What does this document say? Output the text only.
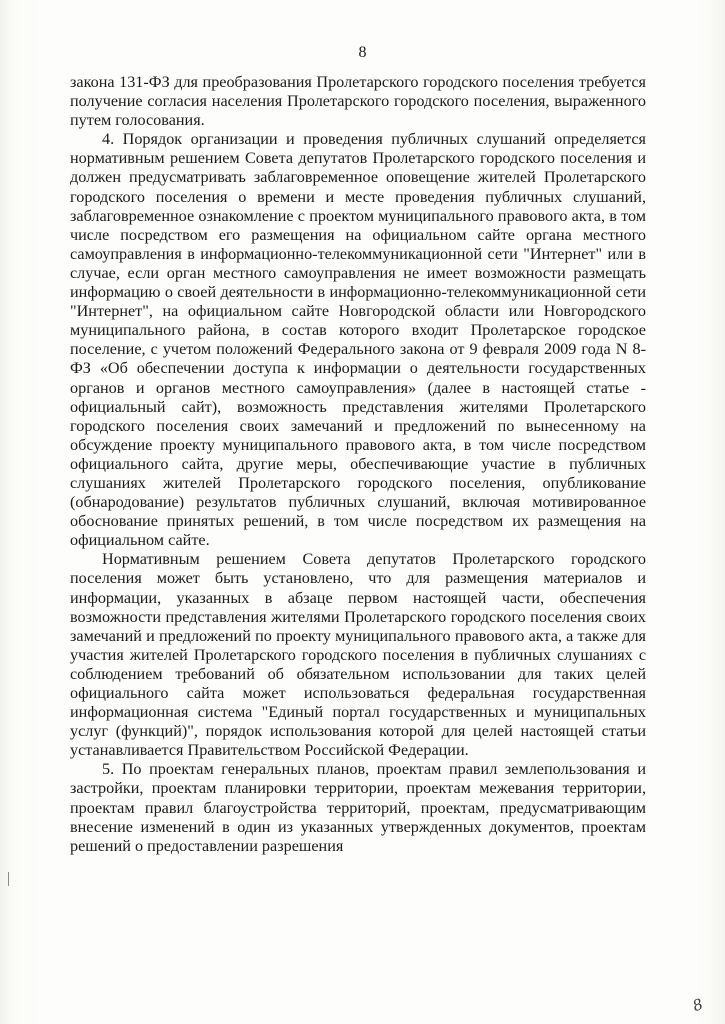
8

закона 131-ФЗ для преобразования Пролетарского городского поселения требуется получение согласия населения Пролетарского городского поселения, выраженного путем голосования.

4. Порядок организации и проведения публичных слушаний определяется нормативным решением Совета депутатов Пролетарского городского поселения и должен предусматривать заблаговременное оповещение жителей Пролетарского городского поселения о времени и месте проведения публичных слушаний, заблаговременное ознакомление с проектом муниципального правового акта, в том числе посредством его размещения на официальном сайте органа местного самоуправления в информационно-телекоммуникационной сети "Интернет" или в случае, если орган местного самоуправления не имеет возможности размещать информацию о своей деятельности в информационно-телекоммуникационной сети "Интернет", на официальном сайте Новгородской области или Новгородского муниципального района, в состав которого входит Пролетарское городское поселение, с учетом положений Федерального закона от 9 февраля 2009 года N 8-ФЗ «Об обеспечении доступа к информации о деятельности государственных органов и органов местного самоуправления» (далее в настоящей статье - официальный сайт), возможность представления жителями Пролетарского городского поселения своих замечаний и предложений по вынесенному на обсуждение проекту муниципального правового акта, в том числе посредством официального сайта, другие меры, обеспечивающие участие в публичных слушаниях жителей Пролетарского городского поселения, опубликование (обнародование) результатов публичных слушаний, включая мотивированное обоснование принятых решений, в том числе посредством их размещения на официальном сайте.

Нормативным решением Совета депутатов Пролетарского городского поселения может быть установлено, что для размещения материалов и информации, указанных в абзаце первом настоящей части, обеспечения возможности представления жителями Пролетарского городского поселения своих замечаний и предложений по проекту муниципального правового акта, а также для участия жителей Пролетарского городского поселения в публичных слушаниях с соблюдением требований об обязательном использовании для таких целей официального сайта может использоваться федеральная государственная информационная система "Единый портал государственных и муниципальных услуг (функций)", порядок использования которой для целей настоящей статьи устанавливается Правительством Российской Федерации.

5. По проектам генеральных планов, проектам правил землепользования и застройки, проектам планировки территории, проектам межевания территории, проектам правил благоустройства территорий, проектам, предусматривающим внесение изменений в один из указанных утвержденных документов, проектам решений о предоставлении разрешения

8
